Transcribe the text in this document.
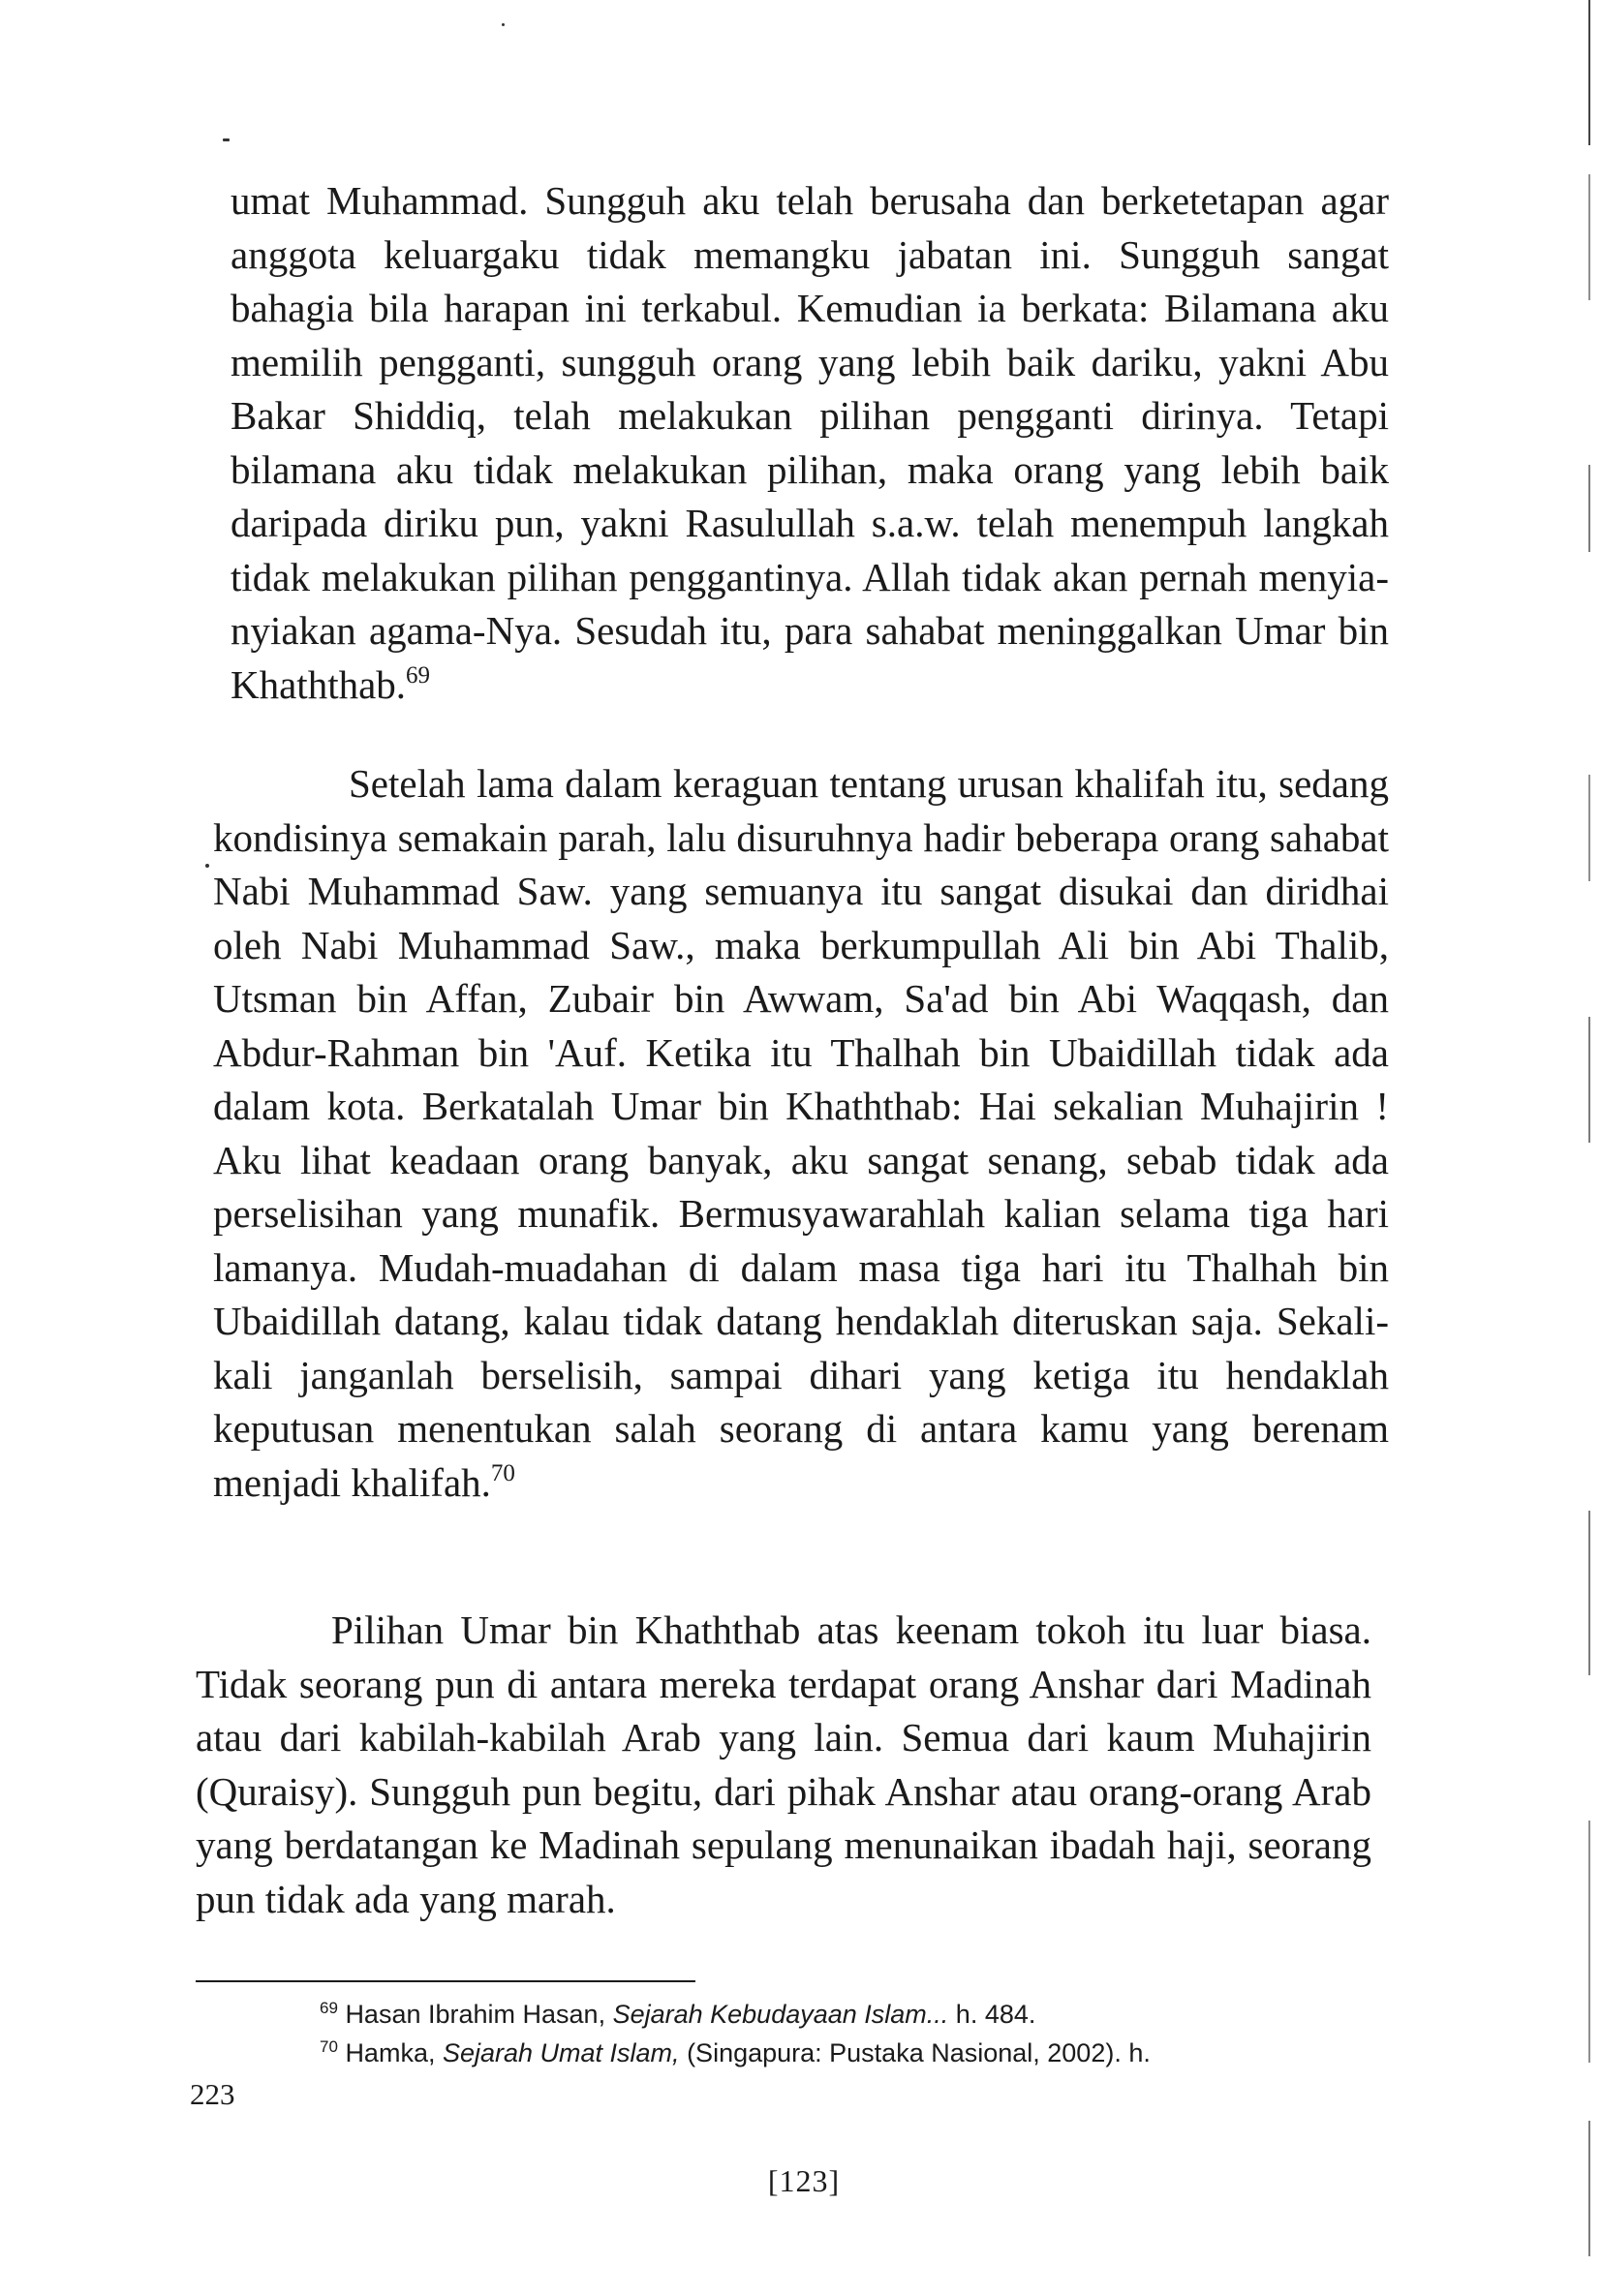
umat Muhammad. Sungguh aku telah berusaha dan berketetapan agar anggota keluargaku tidak memangku jabatan ini. Sungguh sangat bahagia bila harapan ini terkabul. Kemudian ia berkata: Bilamana aku memilih pengganti, sungguh orang yang lebih baik dariku, yakni Abu Bakar Shiddiq, telah melakukan pilihan pengganti dirinya. Tetapi bilamana aku tidak melakukan pilihan, maka orang yang lebih baik daripada diriku pun, yakni Rasulullah s.a.w. telah menempuh langkah tidak melakukan pilihan penggantinya. Allah tidak akan pernah menyia-nyiakan agama-Nya. Sesudah itu, para sahabat meninggalkan Umar bin Khaththab.$^{69}$

Setelah lama dalam keraguan tentang urusan khalifah itu, sedang kondisinya semakain parah, lalu disuruhnya hadir beberapa orang sahabat Nabi Muhammad Saw. yang semuanya itu sangat disukai dan diridhai oleh Nabi Muhammad Saw., maka berkumpullah Ali bin Abi Thalib, Utsman bin Affan, Zubair bin Awwam, Sa'ad bin Abi Waqqash, dan Abdur-Rahman bin 'Auf. Ketika itu Thalhah bin Ubaidillah tidak ada dalam kota. Berkatalah Umar bin Khaththab: Hai sekalian Muhajirin ! Aku lihat keadaan orang banyak, aku sangat senang, sebab tidak ada perselisihan yang munafik. Bermusyawarahlah kalian selama tiga hari lamanya. Mudah-muadahan di dalam masa tiga hari itu Thalhah bin Ubaidillah datang, kalau tidak datang hendaklah diteruskan saja. Sekali-kali janganlah berselisih, sampai dihari yang ketiga itu hendaklah keputusan menentukan salah seorang di antara kamu yang berenam menjadi khalifah.$^{70}$

Pilihan Umar bin Khaththab atas keenam tokoh itu luar biasa. Tidak seorang pun di antara mereka terdapat orang Anshar dari Madinah atau dari kabilah-kabilah Arab yang lain. Semua dari kaum Muhajirin (Quraisy). Sungguh pun begitu, dari pihak Anshar atau orang-orang Arab yang berdatangan ke Madinah sepulang menunaikan ibadah haji, seorang pun tidak ada yang marah.

$^{69}$ Hasan Ibrahim Hasan, Sejarah Kebudayaan Islam... h. 484.
$^{70}$ Hamka, Sejarah Umat Islam, (Singapura: Pustaka Nasional, 2002). h.
223
[123]
